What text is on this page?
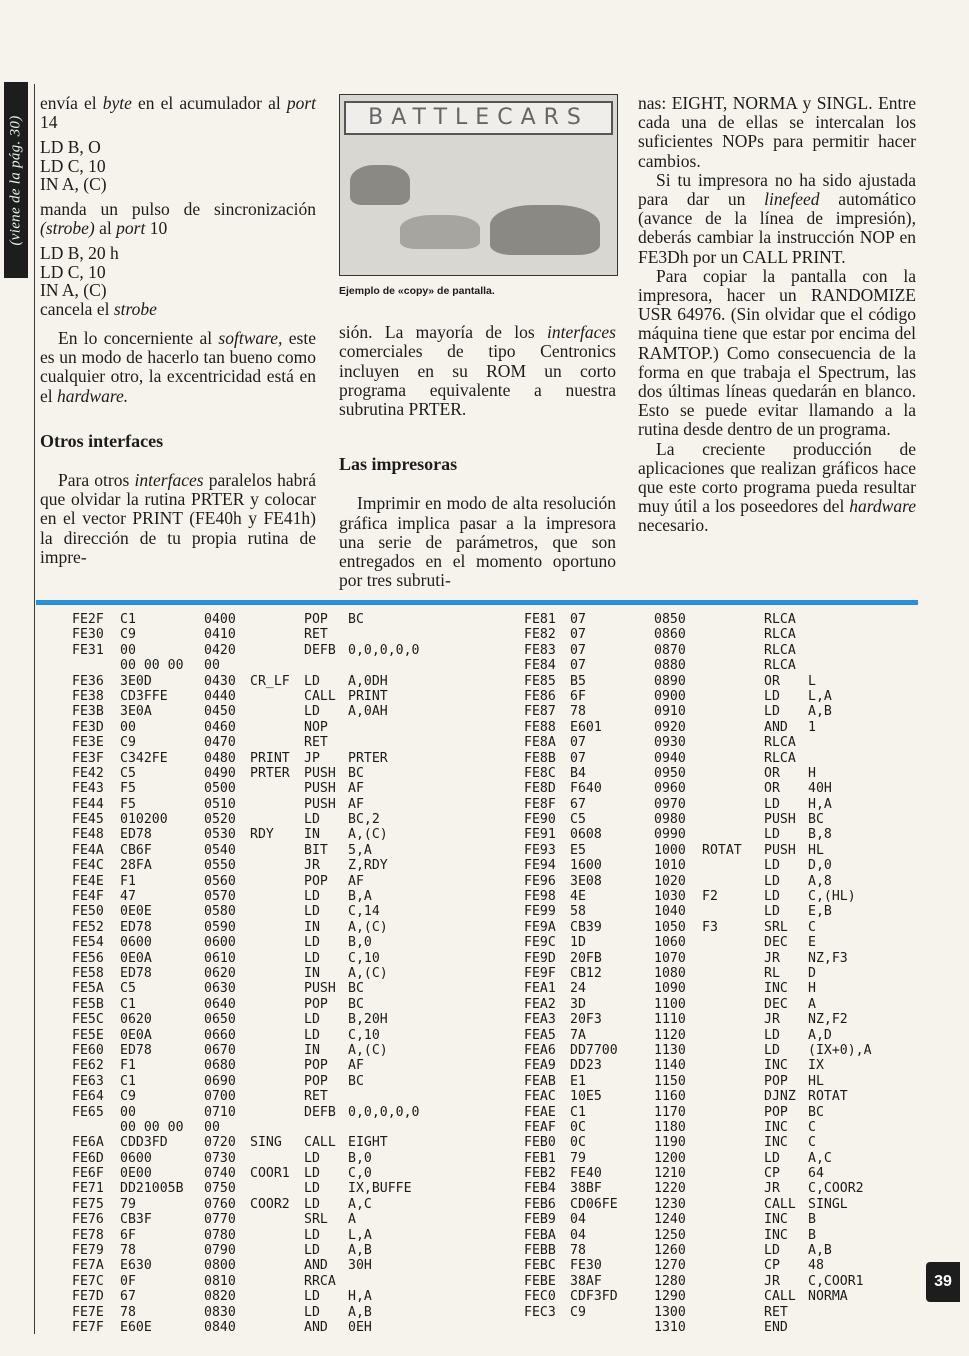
(viene de la pág. 30)

envía el byte en el acumulador al port 14

LD B, O
LD C, 10
IN A, (C)

manda un pulso de sincronización (strobe) al port 10

LD B, 20 h
LD C, 10
IN A, (C)

cancela el strobe

En lo concerniente al software, este es un modo de hacerlo tan bueno como cualquier otro, la excentricidad está en el hardware.

Otros interfaces

Para otros interfaces paralelos habrá que olvidar la rutina PRTER y colocar en el vector PRINT (FE40h y FE41h) la dirección de tu propia rutina de impre-

BATTLECARS
Ejemplo de «copy» de pantalla.

sión. La mayoría de los interfaces comerciales de tipo Centronics incluyen en su ROM un corto programa equivalente a nuestra subrutina PRTER.

Las impresoras

Imprimir en modo de alta resolución gráfica implica pasar a la impresora una serie de parámetros, que son entregados en el momento oportuno por tres subruti-

nas: EIGHT, NORMA y SINGL. Entre cada una de ellas se intercalan los suficientes NOPs para permitir hacer cambios.

Si tu impresora no ha sido ajustada para dar un linefeed automático (avance de la línea de impresión), deberás cambiar la instrucción NOP en FE3Dh por un CALL PRINT.

Para copiar la pantalla con la impresora, hacer un RANDOMIZE USR 64976. (Sin olvidar que el código máquina tiene que estar por encima del RAMTOP.) Como consecuencia de la forma en que trabaja el Spectrum, las dos últimas líneas quedarán en blanco. Esto se puede evitar llamando a la rutina desde dentro de un programa.

La creciente producción de aplicaciones que realizan gráficos hace que este corto programa pueda resultar muy útil a los poseedores del hardware necesario.

FE2F	C1	0400	POP	BC
FE30	C9	0410	RET
FE31	00	0420	DEFB 0,0,0,0,0
00 00 00	00
FE36	3E0D	0430	CR_LF	LD	A,0DH
FE38	CD3FFE	0440	CALL PRINT
FE3B	3E0A	0450	LD	A,0AH
FE3D	00	0460	NOP
FE3E	C9	0470	RET
FE3F	C342FE	0480	PRINT	JP	PRTER
FE42	C5	0490	PRTER	PUSH BC
FE43	F5	0500	PUSH AF
FE44	F5	0510	PUSH AF
FE45	010200	0520	LD	BC,2
FE48	ED78	0530	RDY	IN	A,(C)
FE4A	CB6F	0540	BIT	5,A
FE4C	28FA	0550	JR	Z,RDY
FE4E	F1	0560	POP	AF
FE4F	47	0570	LD	B,A
FE50	0E0E	0580	LD	C,14
FE52	ED78	0590	IN	A,(C)
FE54	0600	0600	LD	B,0
FE56	0E0A	0610	LD	C,10
FE58	ED78	0620	IN	A,(C)
FE5A	C5	0630	PUSH BC
FE5B	C1	0640	POP	BC
FE5C	0620	0650	LD	B,20H
FE5E	0E0A	0660	LD	C,10
FE60	ED78	0670	IN	A,(C)
FE62	F1	0680	POP	AF
FE63	C1	0690	POP	BC
FE64	C9	0700	RET
FE65	00	0710	DEFB 0,0,0,0,0
00 00 00	00
FE6A	CDD3FD	0720	SING	CALL EIGHT
FE6D	0600	0730	LD	B,0
FE6F	0E00	0740	COOR1	LD	C,0
FE71	DD21005B	0750	LD	IX,BUFFE
FE75	79	0760	COOR2	LD	A,C
FE76	CB3F	0770	SRL	A
FE78	6F	0780	LD	L,A
FE79	78	0790	LD	A,B
FE7A	E630	0800	AND	30H
FE7C	0F	0810	RRCA
FE7D	67	0820	LD	H,A
FE7E	78	0830	LD	A,B
FE7F	E60E	0840	AND	0EH
FE81	07	0850	RLCA
FE82	07	0860	RLCA
FE83	07	0870	RLCA
FE84	07	0880	RLCA
FE85	B5	0890	OR	L
FE86	6F	0900	LD	L,A
FE87	78	0910	LD	A,B
FE88	E601	0920	AND	1
FE8A	07	0930	RLCA
FE8B	07	0940	RLCA
FE8C	B4	0950	OR	H
FE8D	F640	0960	OR	40H
FE8F	67	0970	LD	H,A
FE90	C5	0980	PUSH BC
FE91	0608	0990	LD	B,8
FE93	E5	1000	ROTAT	PUSH HL
FE94	1600	1010	LD	D,0
FE96	3E08	1020	LD	A,8
FE98	4E	1030	F2	LD	C,(HL)
FE99	58	1040	LD	E,B
FE9A	CB39	1050	F3	SRL	C
FE9C	1D	1060	DEC	E
FE9D	20FB	1070	JR	NZ,F3
FE9F	CB12	1080	RL	D
FEA1	24	1090	INC	H
FEA2	3D	1100	DEC	A
FEA3	20F3	1110	JR	NZ,F2
FEA5	7A	1120	LD	A,D
FEA6	DD7700	1130	LD	(IX+0),A
FEA9	DD23	1140	INC	IX
FEAB	E1	1150	POP	HL
FEAC	10E5	1160	DJNZ ROTAT
FEAE	C1	1170	POP	BC
FEAF	0C	1180	INC	C
FEB0	0C	1190	INC	C
FEB1	79	1200	LD	A,C
FEB2	FE40	1210	CP	64
FEB4	38BF	1220	JR	C,COOR2
FEB6	CD06FE	1230	CALL SINGL
FEB9	04	1240	INC	B
FEBA	04	1250	INC	B
FEBB	78	1260	LD	A,B
FEBC	FE30	1270	CP	48
FEBE	38AF	1280	JR	C,COOR1
FEC0	CDF3FD	1290	CALL NORMA
FEC3	C9	1300	RET
1310	END
39
